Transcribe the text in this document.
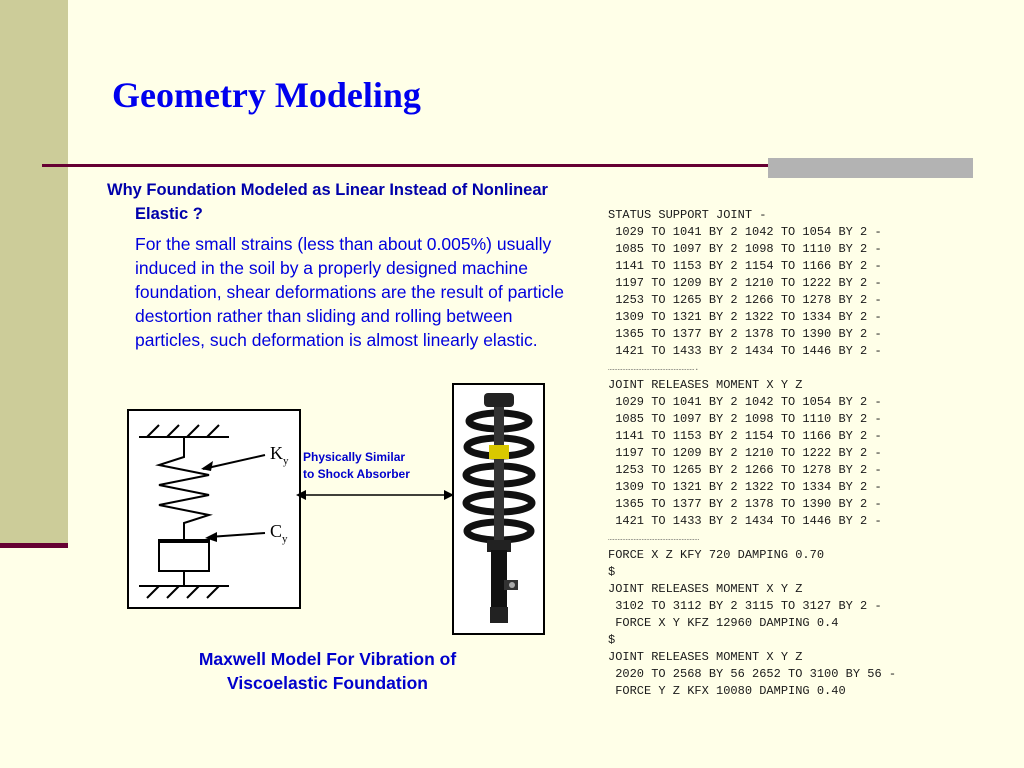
Geometry Modeling

Why Foundation Modeled as Linear Instead of Nonlinear Elastic ?

For the small strains (less than about 0.005%) usually induced in the soil by a properly designed machine foundation, shear deformations are the result of particle destortion rather than sliding and rolling between particles, such deformation is almost linearly elastic.

$K_y$
$C_y$

Physically Similar
to Shock Absorber

Maxwell Model For Vibration of
Viscoelastic Foundation

STATUS SUPPORT JOINT -
1029 TO 1041 BY 2 1042 TO 1054 BY 2 -
1085 TO 1097 BY 2 1098 TO 1110 BY 2 -
1141 TO 1153 BY 2 1154 TO 1166 BY 2 -
1197 TO 1209 BY 2 1210 TO 1222 BY 2 -
1253 TO 1265 BY 2 1266 TO 1278 BY 2 -
1309 TO 1321 BY 2 1322 TO 1334 BY 2 -
1365 TO 1377 BY 2 1378 TO 1390 BY 2 -
1421 TO 1433 BY 2 1434 TO 1446 BY 2 -
……………………………………………….
JOINT RELEASES MOMENT X Y Z
1029 TO 1041 BY 2 1042 TO 1054 BY 2 -
1085 TO 1097 BY 2 1098 TO 1110 BY 2 -
1141 TO 1153 BY 2 1154 TO 1166 BY 2 -
1197 TO 1209 BY 2 1210 TO 1222 BY 2 -
1253 TO 1265 BY 2 1266 TO 1278 BY 2 -
1309 TO 1321 BY 2 1322 TO 1334 BY 2 -
1365 TO 1377 BY 2 1378 TO 1390 BY 2 -
1421 TO 1433 BY 2 1434 TO 1446 BY 2 -
…………………………………………………
FORCE X Z KFY 720 DAMPING 0.70
$
JOINT RELEASES MOMENT X Y Z
3102 TO 3112 BY 2 3115 TO 3127 BY 2 -
FORCE X Y KFZ 12960 DAMPING 0.4
$
JOINT RELEASES MOMENT X Y Z
2020 TO 2568 BY 56 2652 TO 3100 BY 56 -
FORCE Y Z KFX 10080 DAMPING 0.40
